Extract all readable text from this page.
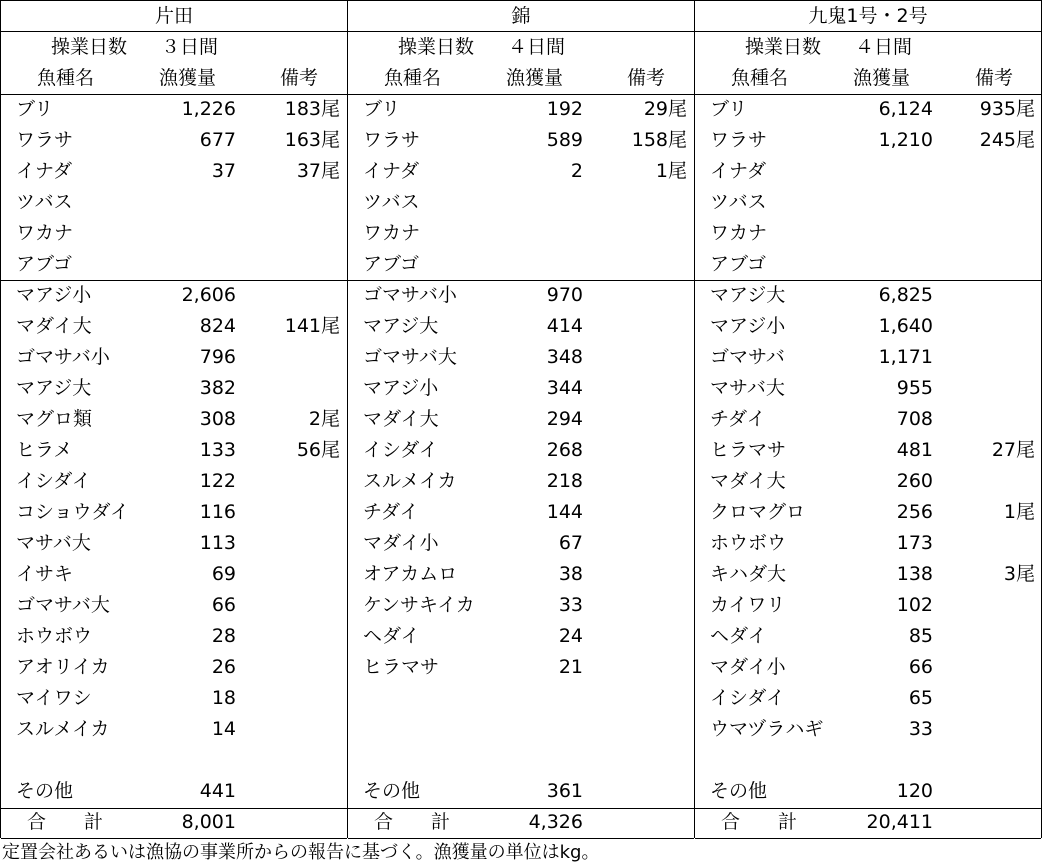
片田
操業日数 ３日間
魚種名	漁獲量	備考
ブリ	1,226	183尾
ワラサ	677	163尾
イナダ	37	37尾
ツバス
ワカナ
アブゴ
マアジ小	2,606
マダイ大	824	141尾
ゴマサバ小	796
マアジ大	382
マグロ類	308	2尾
ヒラメ	133	56尾
イシダイ	122
コショウダイ	116
マサバ大	113
イサキ	69
ゴマサバ大	66
ホウボウ	28
アオリイカ	26
マイワシ	18
スルメイカ	14
その他	441
合　　計	8,001
錦
操業日数 ４日間
魚種名	漁獲量	備考
ブリ	192	29尾
ワラサ	589	158尾
イナダ	2	1尾
ツバス
ワカナ
アブゴ
ゴマサバ小	970
マアジ大	414
ゴマサバ大	348
マアジ小	344
マダイ大	294
イシダイ	268
スルメイカ	218
チダイ	144
マダイ小	67
オアカムロ	38
ケンサキイカ	33
ヘダイ	24
ヒラマサ	21
その他	361
合　　計	4,326
九鬼1号・2号
操業日数 ４日間
魚種名	漁獲量	備考
ブリ	6,124 935尾
ワラサ	1,210 245尾
イナダ
ツバス
ワカナ
アブゴ
マアジ大	6,825
マアジ小	1,640
ゴマサバ	1,171
マサバ大	955
チダイ	708
ヒラマサ	481	27尾
マダイ大	260
クロマグロ	256	1尾
ホウボウ	173
キハダ大	138	3尾
カイワリ	102
ヘダイ	85
マダイ小	66
イシダイ	65
ウマヅラハギ	33
その他	120
合　　計	20,411
定置会社あるいは漁協の事業所からの報告に基づく。漁獲量の単位はkg。
